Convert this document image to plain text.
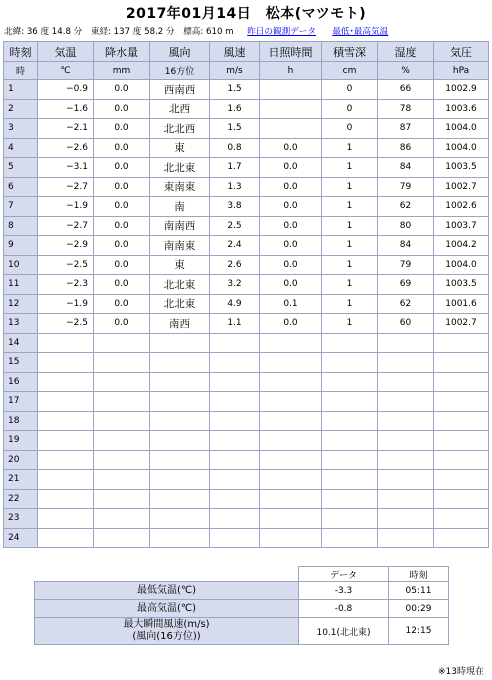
2017年01月14日　松本(マツモト)
北緯: 36 度 14.8 分　東経: 137 度 58.2 分　標高: 610 m 昨日の観測データ 最低･最高気温
時刻	気温	降水量	風向	風速	日照時間	積雪深	湿度	気圧
時	℃	mm	16方位	m/s	h	cm	%	hPa
1	−0.9	0.0	西南西	1.5		0	66	1002.9
2	−1.6	0.0	北西	1.6		0	78	1003.6
3	−2.1	0.0	北北西	1.5		0	87	1004.0
4	−2.6	0.0	東	0.8	0.0	1	86	1004.0
5	−3.1	0.0	北北東	1.7	0.0	1	84	1003.5
6	−2.7	0.0	東南東	1.3	0.0	1	79	1002.7
7	−1.9	0.0	南	3.8	0.0	1	62	1002.6
8	−2.7	0.0	南南西	2.5	0.0	1	80	1003.7
9	−2.9	0.0	南南東	2.4	0.0	1	84	1004.2
10	−2.5	0.0	東	2.6	0.0	1	79	1004.0
11	−2.3	0.0	北北東	3.2	0.0	1	69	1003.5
12	−1.9	0.0	北北東	4.9	0.1	1	62	1001.6
13	−2.5	0.0	南西	1.1	0.0	1	60	1002.7
14								
15								
16								
17								
18								
19								
20								
21								
22								
23								
24								
	データ	時刻
最低気温(℃)	-3.3	05:11
最高気温(℃)	-0.8	00:29
最大瞬間風速(m/s)
(風向(16方位))	10.1(北北東)	12:15
※13時現在
